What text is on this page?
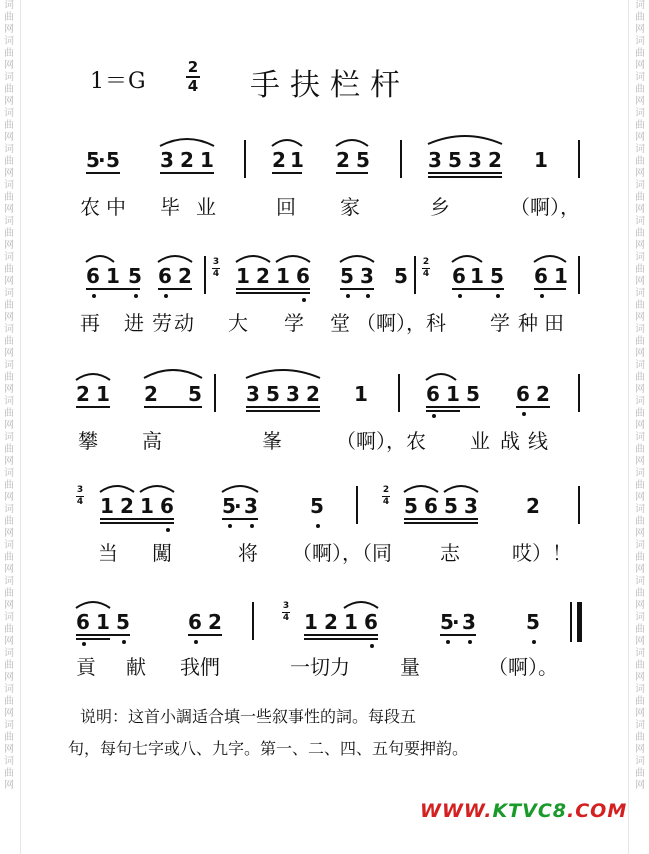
词曲网词曲网词曲网词曲网词曲网词曲网词曲网词曲网词曲网词曲网词曲网词曲网词曲网词曲网词曲网词曲网词曲网词曲网词曲网词曲网词曲网词曲网
词曲网词曲网词曲网词曲网词曲网词曲网词曲网词曲网词曲网词曲网词曲网词曲网词曲网词曲网词曲网词曲网词曲网词曲网词曲网词曲网词曲网词曲网
1＝G
2
4 手扶栏杆
5
· 5 3 2 1	2 1 2 5	3 5 3 2 1
农 中 毕 业	回 家	乡	（啊），
6 1 5 6 2
3
4 1 2 1 6 5 3 5
2
4 6 1 5 6 1
再 进 劳 动 大 学 堂 （啊），科 学 种 田
2 1 2 5 3 5 3 2 1	6 1 5 6 2
攀 高	峯	（啊），农 业 战 线
3
4 1 2 1 6 5
· 3	5
2
4 5 6 5 3 2
当 闖	将 （啊），（同 志	哎）！
6 1 5	6 2
3
4 1 2 1 6	5
· 3	5
貢 献 我們	一切力	量	（啊）。
说明：这首小調适合填一些叙事性的詞。每段五
句，每句七字或八、九字。第一、二、四、五句要押韵。
WWW.KTVC8.COM
